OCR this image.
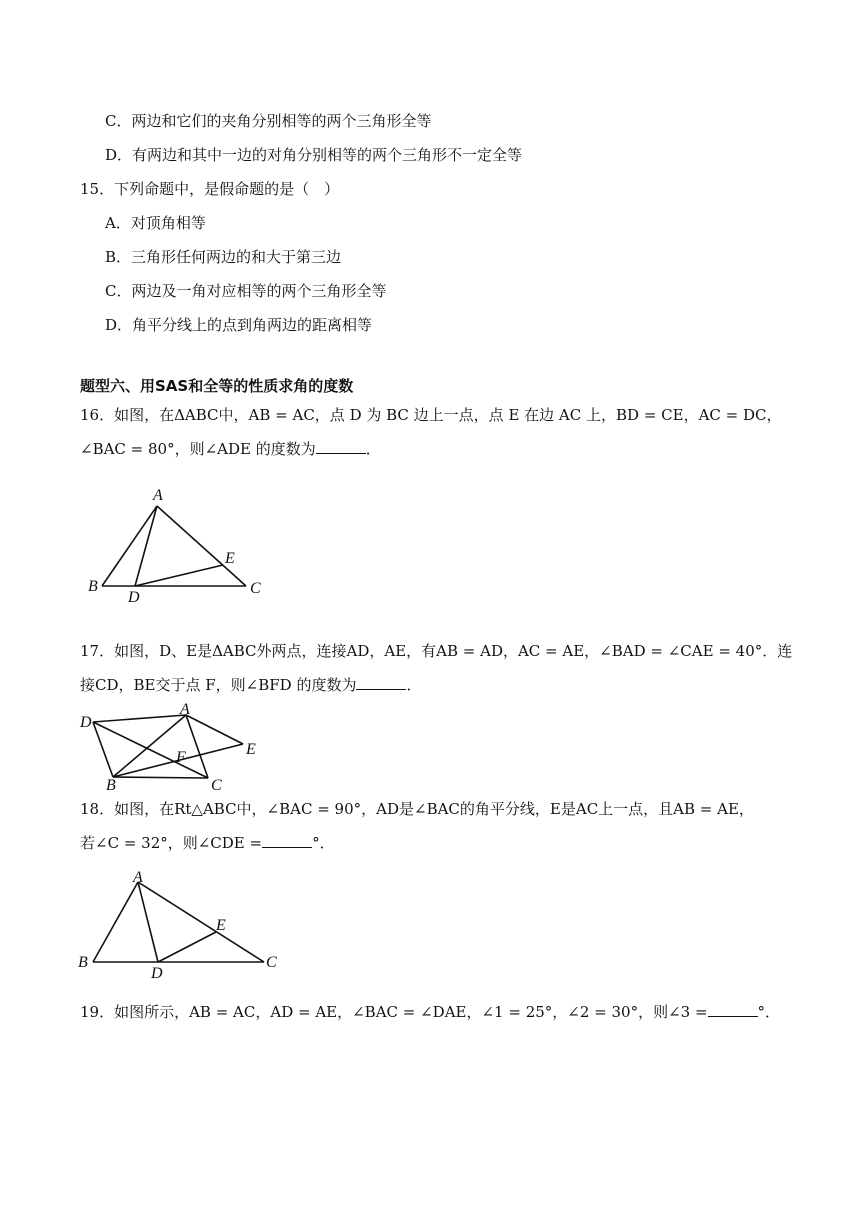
C．两边和它们的夹角分别相等的两个三角形全等
D．有两边和其中一边的对角分别相等的两个三角形不一定全等
15．下列命题中，是假命题的是（　）
A．对顶角相等
B．三角形任何两边的和大于第三边
C．两边及一角对应相等的两个三角形全等
D．角平分线上的点到角两边的距离相等
题型六、用SAS和全等的性质求角的度数
16．如图，在ΔABC中，AB = AC，点 D 为 BC 边上一点，点 E 在边 AC 上，BD = CE，AC = DC，
∠BAC = 80°，则∠ADE 的度数为	．
A
B	C
D
E
17．如图，D、E是ΔABC外两点，连接AD，AE，有AB = AD，AC = AE，∠BAD = ∠CAE = 40°．连
接CD，BE交于点 F，则∠BFD 的度数为	．
A
B	C
D
E
F
18．如图，在Rt△ABC中，∠BAC = 90°，AD是∠BAC的角平分线，E是AC上一点，且AB = AE，
若∠C = 32°，则∠CDE =	°．
A
B	C
D
E
19．如图所示，AB = AC，AD = AE，∠BAC = ∠DAE，∠1 = 25°，∠2 = 30°，则∠3 =	°．
